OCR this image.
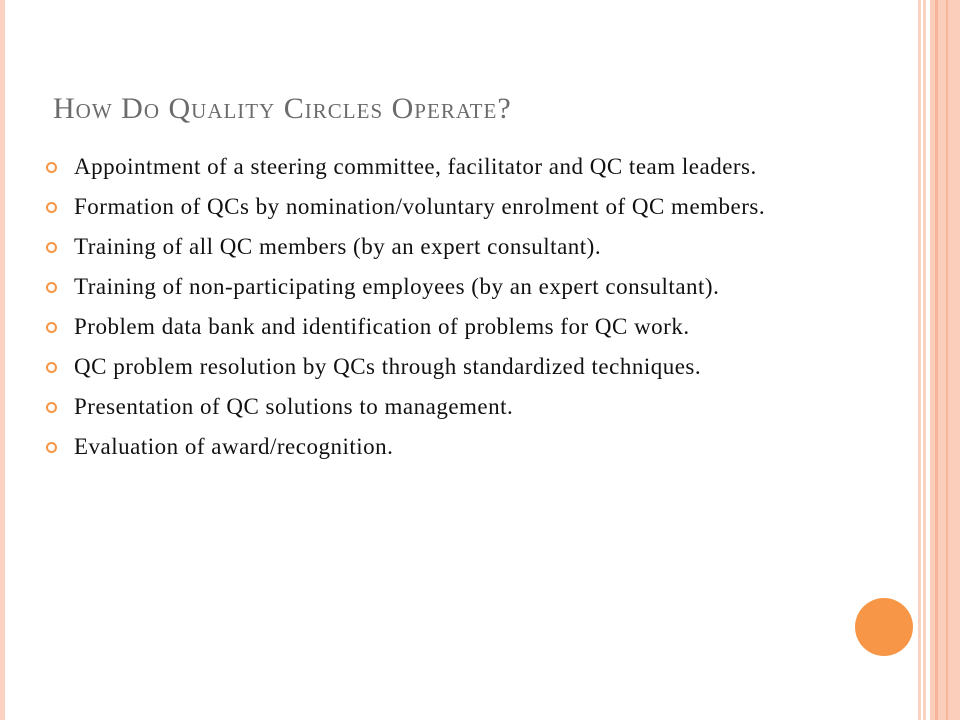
How Do Quality Circles Operate?
Appointment of a steering committee, facilitator and QC team leaders.
Formation of QCs by nomination/voluntary enrolment of QC members.
Training of all QC members (by an expert consultant).
Training of non-participating employees (by an expert consultant).
Problem data bank and identification of problems for QC work.
QC problem resolution by QCs through standardized techniques.
Presentation of QC solutions to management.
Evaluation of award/recognition.
